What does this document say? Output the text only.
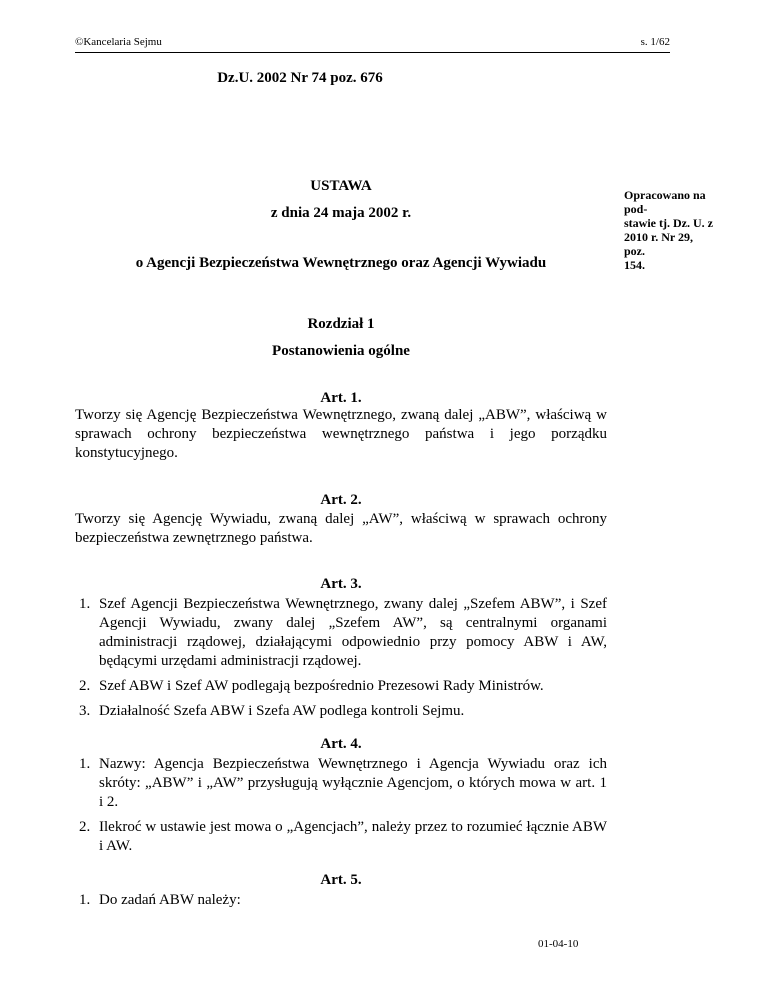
©Kancelaria Sejmu	s. 1/62
Dz.U. 2002 Nr 74 poz. 676
Opracowano na pod-
stawie tj. Dz. U. z
2010 r. Nr 29, poz.
154.
USTAWA
z dnia 24 maja 2002 r.
o Agencji Bezpieczeństwa Wewnętrznego oraz Agencji Wywiadu
Rozdział 1
Postanowienia ogólne
Art. 1.
Tworzy się Agencję Bezpieczeństwa Wewnętrznego, zwaną dalej „ABW”, właściwą w sprawach ochrony bezpieczeństwa wewnętrznego państwa i jego porządku konstytucyjnego.
Art. 2.
Tworzy się Agencję Wywiadu, zwaną dalej „AW”, właściwą w sprawach ochrony bezpieczeństwa zewnętrznego państwa.
Art. 3.
1. Szef Agencji Bezpieczeństwa Wewnętrznego, zwany dalej „Szefem ABW”, i Szef Agencji Wywiadu, zwany dalej „Szefem AW”, są centralnymi organami administracji rządowej, działającymi odpowiednio przy pomocy ABW i AW, będącymi urzędami administracji rządowej.
2. Szef ABW i Szef AW podlegają bezpośrednio Prezesowi Rady Ministrów.
3. Działalność Szefa ABW i Szefa AW podlega kontroli Sejmu.
Art. 4.
1. Nazwy: Agencja Bezpieczeństwa Wewnętrznego i Agencja Wywiadu oraz ich skróty: „ABW” i „AW” przysługują wyłącznie Agencjom, o których mowa w art. 1 i 2.
2. Ilekroć w ustawie jest mowa o „Agencjach”, należy przez to rozumieć łącznie ABW i AW.
Art. 5.
1. Do zadań ABW należy:
01-04-10
